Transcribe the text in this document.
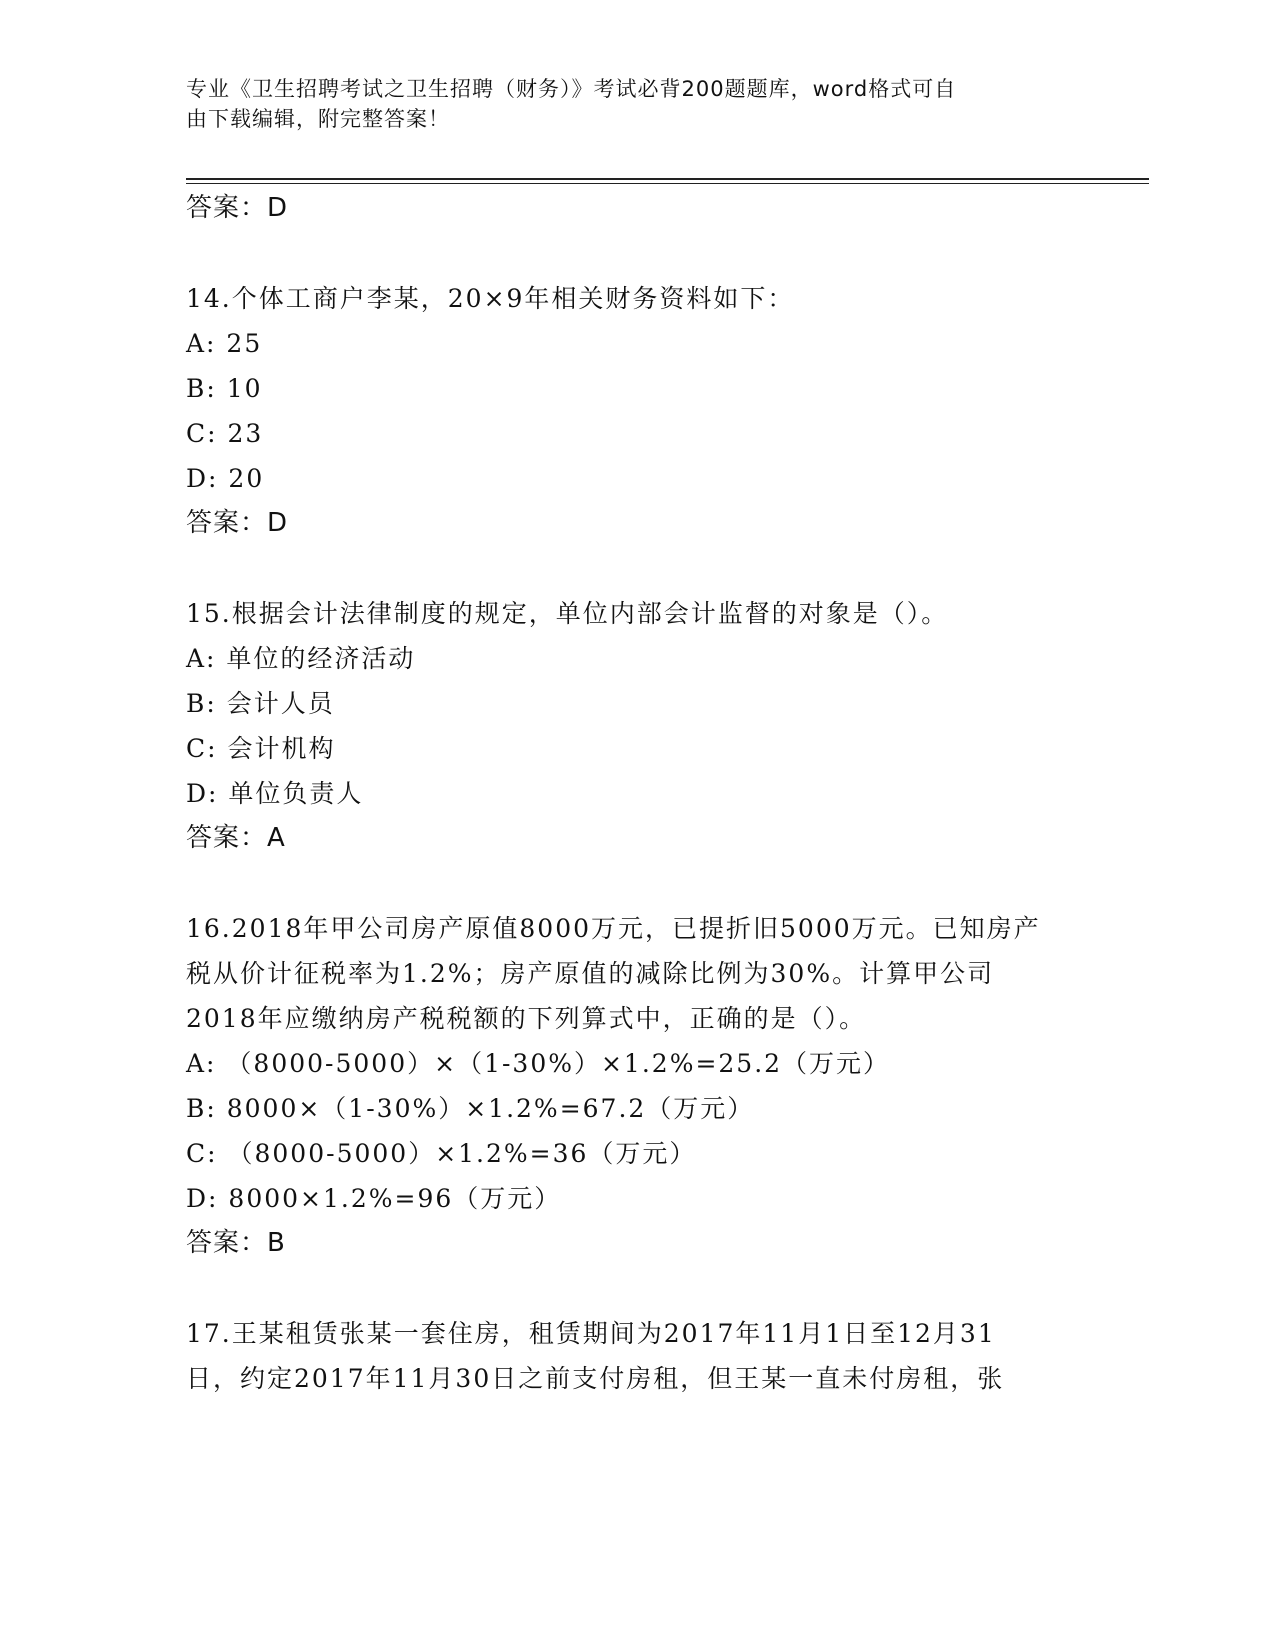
专业《卫生招聘考试之卫生招聘（财务）》考试必背200题题库，word格式可自
由下载编辑，附完整答案！
答案：D
14.个体工商户李某，20×9年相关财务资料如下：
A: 25
B: 10
C: 23
D: 20
答案：D
15.根据会计法律制度的规定，单位内部会计监督的对象是（）。
A: 单位的经济活动
B: 会计人员
C: 会计机构
D: 单位负责人
答案：A
16.2018年甲公司房产原值8000万元，已提折旧5000万元。已知房产
税从价计征税率为1.2%；房产原值的减除比例为30%。计算甲公司
2018年应缴纳房产税税额的下列算式中，正确的是（）。
A: （8000-5000）×（1-30%）×1.2%=25.2（万元）
B: 8000×（1-30%）×1.2%=67.2（万元）
C: （8000-5000）×1.2%=36（万元）
D: 8000×1.2%=96（万元）
答案：B
17.王某租赁张某一套住房，租赁期间为2017年11月1日至12月31
日，约定2017年11月30日之前支付房租，但王某一直未付房租，张
